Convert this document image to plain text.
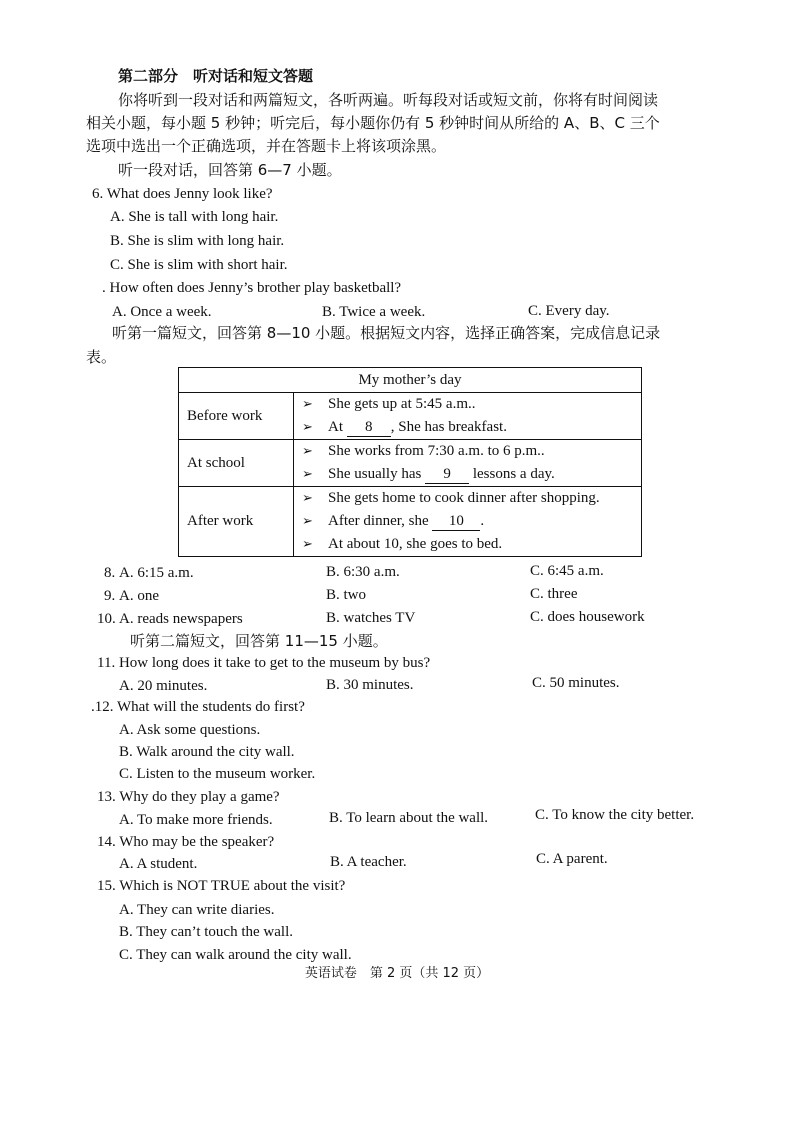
第二部分　听对话和短文答题
你将听到一段对话和两篇短文，各听两遍。听每段对话或短文前，你将有时间阅读
相关小题，每小题 5 秒钟；听完后，每小题你仍有 5 秒钟时间从所给的 A、B、C 三个
选项中选出一个正确选项，并在答题卡上将该项涂黑。
听一段对话，回答第 6—7 小题。
6. What does Jenny look like?
A. She is tall with long hair.
B. She is slim with long hair.
C. She is slim with short hair.
. How often does Jenny’s brother play basketball?
A. Once a week.	B. Twice a week.	C. Every day.
听第一篇短文，回答第 8—10 小题。根据短文内容，选择正确答案，完成信息记录
表。
My mother’s day	
Before work	➢ She gets up at 5:45 a.m..
➢ At 8 , She has breakfast.

At school	➢ She works from 7:30 a.m. to 6 p.m..
➢ She usually has 9 lessons a day.

After work	➢ She gets home to cook dinner after shopping.
➢ After dinner, she 10 .
➢ At about 10, she goes to bed.
8. A. 6:15 a.m.	B. 6:30 a.m.	C. 6:45 a.m.
9. A. one	B. two	C. three
10. A. reads newspapers	B. watches TV	C. does housework
听第二篇短文，回答第 11—15 小题。
11. How long does it take to get to the museum by bus?
A. 20 minutes.	B. 30 minutes.	C. 50 minutes.
.12. What will the students do first?
A. Ask some questions.
B. Walk around the city wall.
C. Listen to the museum worker.
13. Why do they play a game?
A. To make more friends.	B. To learn about the wall.	C. To know the city better.
14. Who may be the speaker?
A. A student.	B. A teacher.	C. A parent.
15. Which is NOT TRUE about the visit?
A. They can write diaries.
B. They can’t touch the wall.
C. They can walk around the city wall.
英语试卷　第 2 页（共 12 页）
